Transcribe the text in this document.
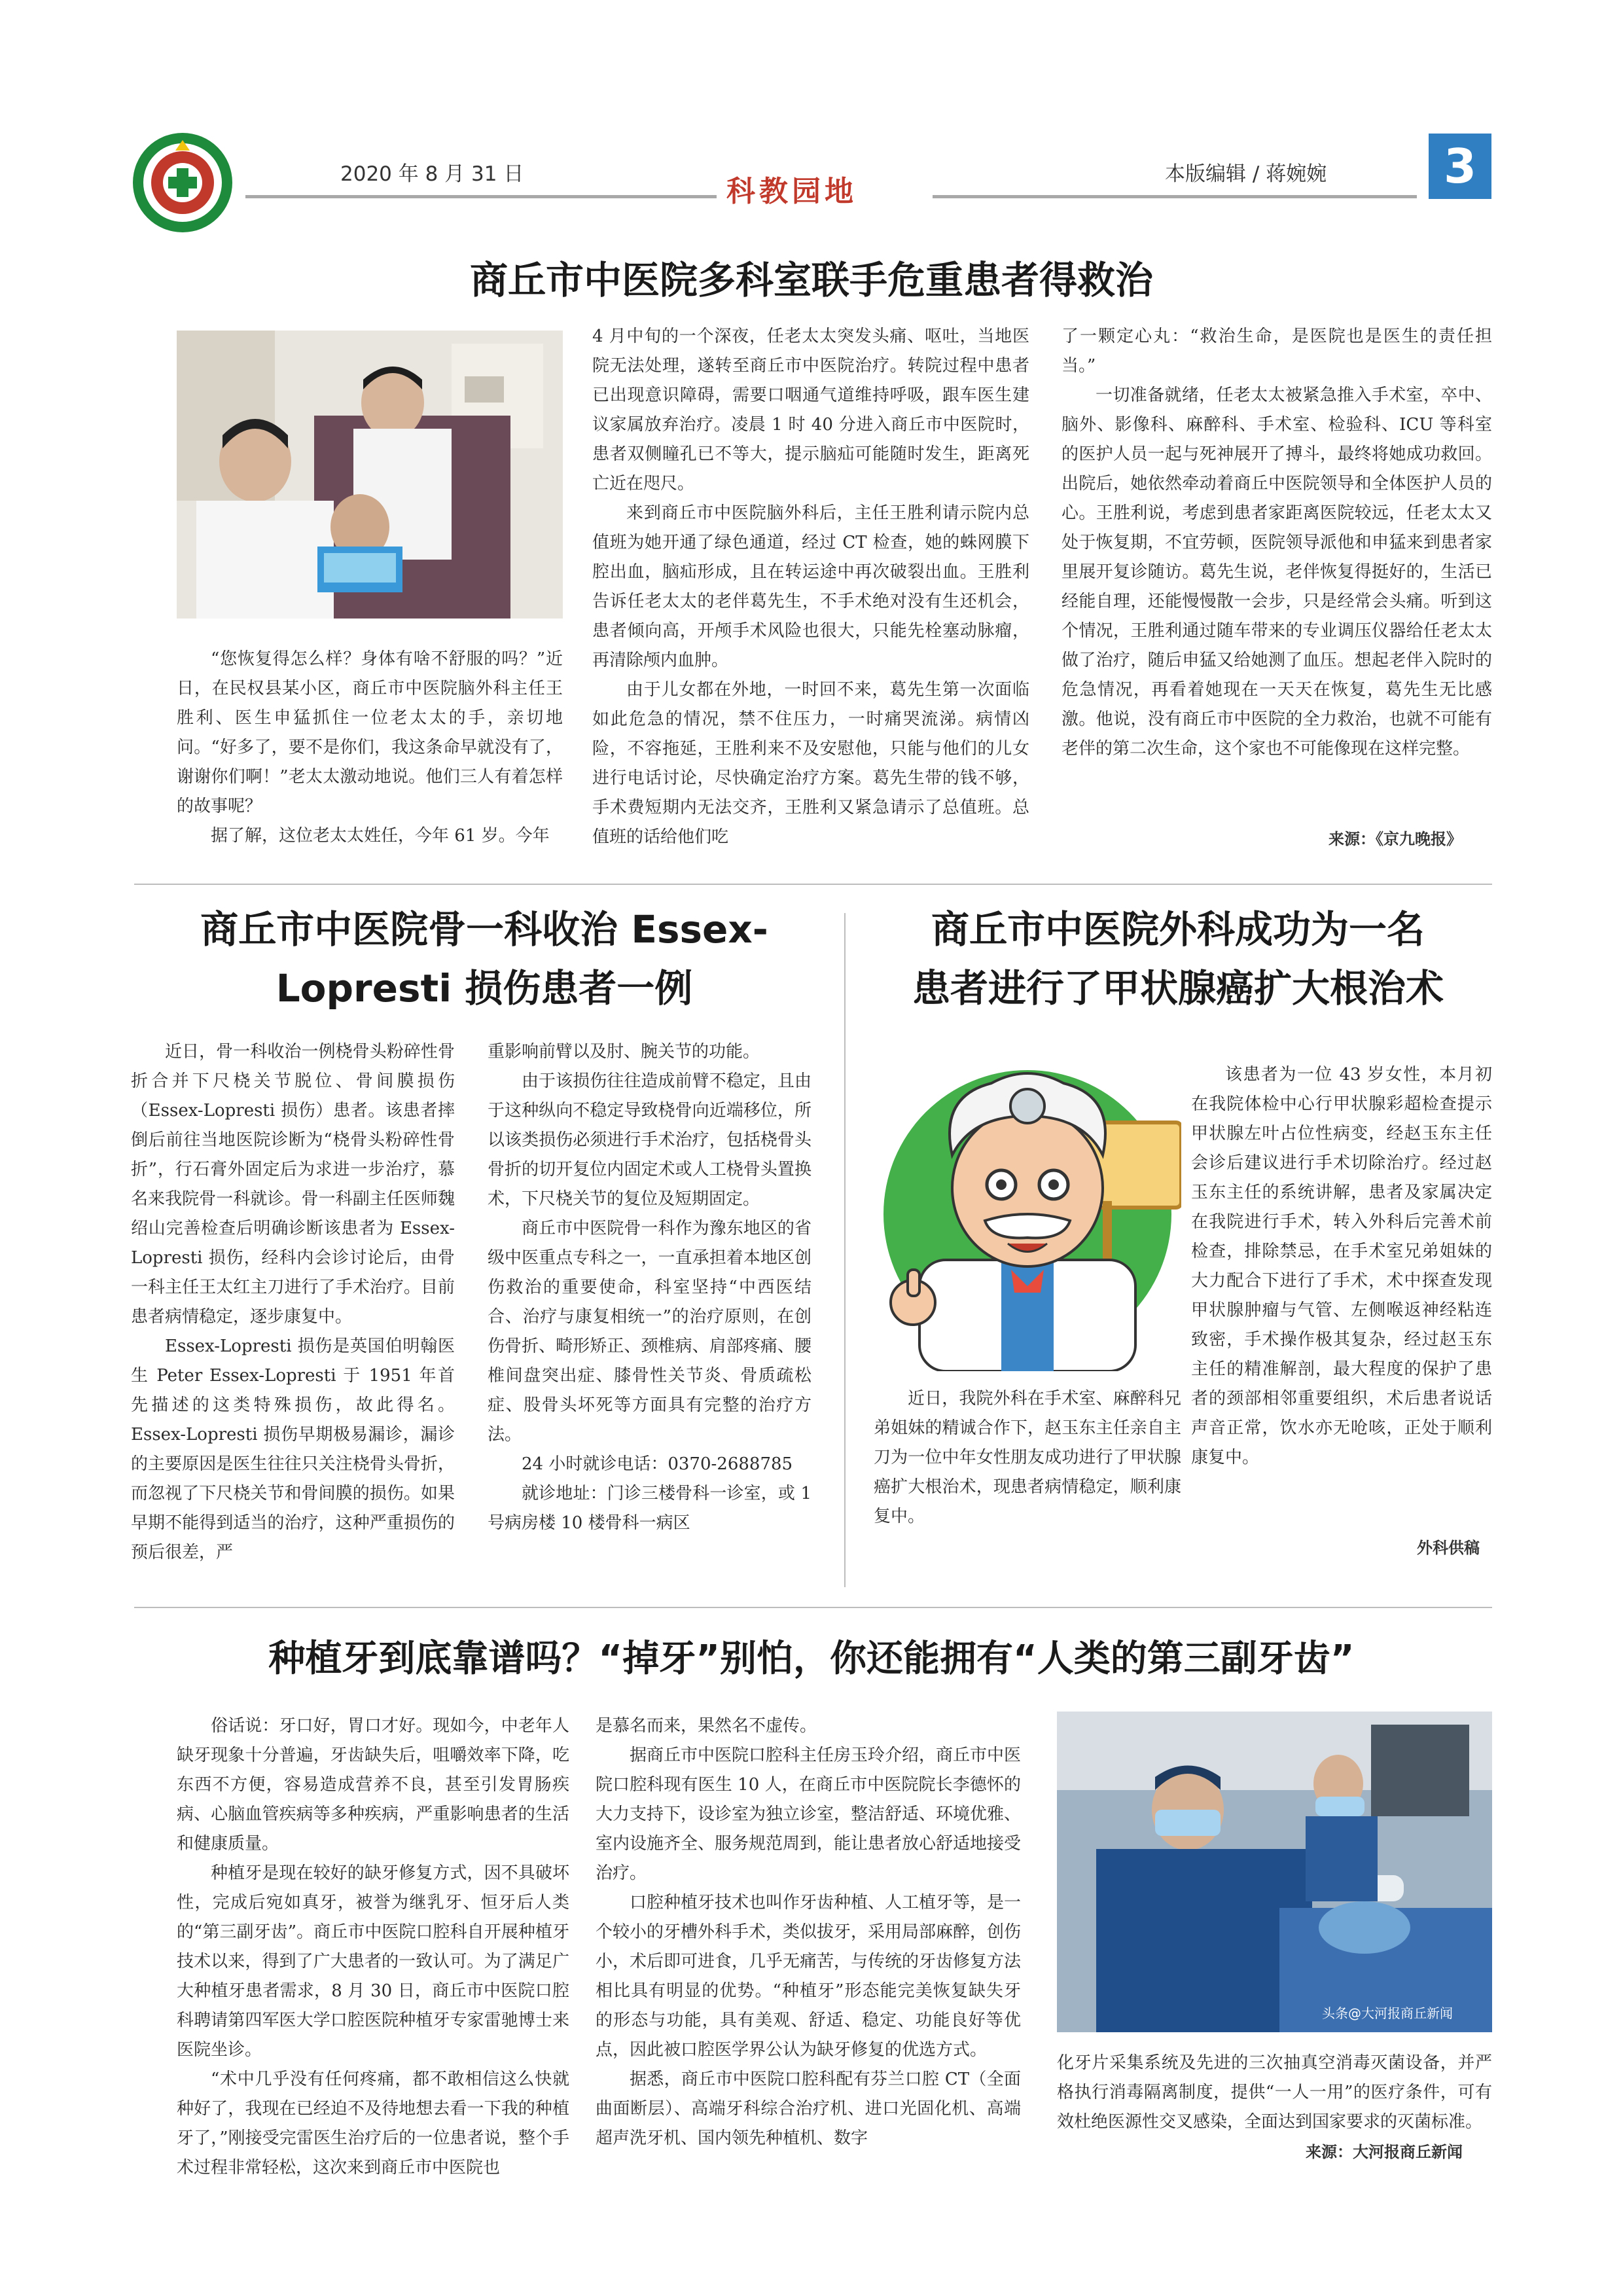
2020 年 8 月 31 日
科教园地
本版编辑 / 蒋婉婉	3
商丘市中医院多科室联手危重患者得救治

“您恢复得怎么样？身体有啥不舒服的吗？”近日，在民权县某小区，商丘市中医院脑外科主任王胜利、医生申猛抓住一位老太太的手，亲切地问。“好多了，要不是你们，我这条命早就没有了，谢谢你们啊！”老太太激动地说。他们三人有着怎样的故事呢？

据了解，这位老太太姓任，今年 61 岁。今年

4 月中旬的一个深夜，任老太太突发头痛、呕吐，当地医院无法处理，遂转至商丘市中医院治疗。转院过程中患者已出现意识障碍，需要口咽通气道维持呼吸，跟车医生建议家属放弃治疗。凌晨 1 时 40 分进入商丘市中医院时，患者双侧瞳孔已不等大，提示脑疝可能随时发生，距离死亡近在咫尺。

来到商丘市中医院脑外科后，主任王胜利请示院内总值班为她开通了绿色通道，经过 CT 检查，她的蛛网膜下腔出血，脑疝形成，且在转运途中再次破裂出血。王胜利告诉任老太太的老伴葛先生，不手术绝对没有生还机会，患者倾向高，开颅手术风险也很大，只能先栓塞动脉瘤，再清除颅内血肿。

由于儿女都在外地，一时回不来，葛先生第一次面临如此危急的情况，禁不住压力，一时痛哭流涕。病情凶险，不容拖延，王胜利来不及安慰他，只能与他们的儿女进行电话讨论，尽快确定治疗方案。葛先生带的钱不够，手术费短期内无法交齐，王胜利又紧急请示了总值班。总值班的话给他们吃

了一颗定心丸：“救治生命，是医院也是医生的责任担当。”

一切准备就绪，任老太太被紧急推入手术室，卒中、脑外、影像科、麻醉科、手术室、检验科、ICU 等科室的医护人员一起与死神展开了搏斗，最终将她成功救回。出院后，她依然牵动着商丘中医院领导和全体医护人员的心。王胜利说，考虑到患者家距离医院较远，任老太太又处于恢复期，不宜劳顿，医院领导派他和申猛来到患者家里展开复诊随访。葛先生说，老伴恢复得挺好的，生活已经能自理，还能慢慢散一会步，只是经常会头痛。听到这个情况，王胜利通过随车带来的专业调压仪器给任老太太做了治疗，随后申猛又给她测了血压。想起老伴入院时的危急情况，再看着她现在一天天在恢复，葛先生无比感激。他说，没有商丘市中医院的全力救治，也就不可能有老伴的第二次生命，这个家也不可能像现在这样完整。

来源：《京九晚报》
商丘市中医院骨一科收治 Essex-
Lopresti 损伤患者一例

近日，骨一科收治一例桡骨头粉碎性骨折合并下尺桡关节脱位、骨间膜损伤（Essex-Lopresti 损伤）患者。该患者摔倒后前往当地医院诊断为“桡骨头粉碎性骨折”，行石膏外固定后为求进一步治疗，慕名来我院骨一科就诊。骨一科副主任医师魏绍山完善检查后明确诊断该患者为 Essex-Lopresti 损伤，经科内会诊讨论后，由骨一科主任王太红主刀进行了手术治疗。目前患者病情稳定，逐步康复中。

Essex-Lopresti 损伤是英国伯明翰医生 Peter Essex-Lopresti 于 1951 年首先描述的这类特殊损伤，故此得名。Essex-Lopresti 损伤早期极易漏诊，漏诊的主要原因是医生往往只关注桡骨头骨折，而忽视了下尺桡关节和骨间膜的损伤。如果早期不能得到适当的治疗，这种严重损伤的预后很差，严

重影响前臂以及肘、腕关节的功能。

由于该损伤往往造成前臂不稳定，且由于这种纵向不稳定导致桡骨向近端移位，所以该类损伤必须进行手术治疗，包括桡骨头骨折的切开复位内固定术或人工桡骨头置换术，下尺桡关节的复位及短期固定。

商丘市中医院骨一科作为豫东地区的省级中医重点专科之一，一直承担着本地区创伤救治的重要使命，科室坚持“中西医结合、治疗与康复相统一”的治疗原则，在创伤骨折、畸形矫正、颈椎病、肩部疼痛、腰椎间盘突出症、膝骨性关节炎、骨质疏松症、股骨头坏死等方面具有完整的治疗方法。

24 小时就诊电话：0370-2688785

就诊地址：门诊三楼骨科一诊室，或 1 号病房楼 10 楼骨科一病区

商丘市中医院外科成功为一名
患者进行了甲状腺癌扩大根治术

近日，我院外科在手术室、麻醉科兄弟姐妹的精诚合作下，赵玉东主任亲自主刀为一位中年女性朋友成功进行了甲状腺癌扩大根治术，现患者病情稳定，顺利康复中。

该患者为一位 43 岁女性，本月初在我院体检中心行甲状腺彩超检查提示甲状腺左叶占位性病变，经赵玉东主任会诊后建议进行手术切除治疗。经过赵玉东主任的系统讲解，患者及家属决定在我院进行手术，转入外科后完善术前检查，排除禁忌，在手术室兄弟姐妹的大力配合下进行了手术，术中探查发现甲状腺肿瘤与气管、左侧喉返神经粘连致密，手术操作极其复杂，经过赵玉东主任的精准解剖，最大程度的保护了患者的颈部相邻重要组织，术后患者说话声音正常，饮水亦无呛咳，正处于顺利康复中。

外科供稿
种植牙到底靠谱吗？“掉牙”别怕，你还能拥有“人类的第三副牙齿”

俗话说：牙口好，胃口才好。现如今，中老年人缺牙现象十分普遍，牙齿缺失后，咀嚼效率下降，吃东西不方便，容易造成营养不良，甚至引发胃肠疾病、心脑血管疾病等多种疾病，严重影响患者的生活和健康质量。

种植牙是现在较好的缺牙修复方式，因不具破坏性，完成后宛如真牙，被誉为继乳牙、恒牙后人类的“第三副牙齿”。商丘市中医院口腔科自开展种植牙技术以来，得到了广大患者的一致认可。为了满足广大种植牙患者需求，8 月 30 日，商丘市中医院口腔科聘请第四军医大学口腔医院种植牙专家雷驰博士来医院坐诊。

“术中几乎没有任何疼痛，都不敢相信这么快就种好了，我现在已经迫不及待地想去看一下我的种植牙了，”刚接受完雷医生治疗后的一位患者说，整个手术过程非常轻松，这次来到商丘市中医院也

是慕名而来，果然名不虚传。

据商丘市中医院口腔科主任房玉玲介绍，商丘市中医院口腔科现有医生 10 人，在商丘市中医院院长李德怀的大力支持下，设诊室为独立诊室，整洁舒适、环境优雅、室内设施齐全、服务规范周到，能让患者放心舒适地接受治疗。

口腔种植牙技术也叫作牙齿种植、人工植牙等，是一个较小的牙槽外科手术，类似拔牙，采用局部麻醉，创伤小，术后即可进食，几乎无痛苦，与传统的牙齿修复方法相比具有明显的优势。“种植牙”形态能完美恢复缺失牙的形态与功能，具有美观、舒适、稳定、功能良好等优点，因此被口腔医学界公认为缺牙修复的优选方式。

据悉，商丘市中医院口腔科配有芬兰口腔 CT（全面曲面断层）、高端牙科综合治疗机、进口光固化机、高端超声洗牙机、国内领先种植机、数字

头条@大河报商丘新闻

化牙片采集系统及先进的三次抽真空消毒灭菌设备，并严格执行消毒隔离制度，提供“一人一用”的医疗条件，可有效杜绝医源性交叉感染，全面达到国家要求的灭菌标准。

来源：大河报商丘新闻
